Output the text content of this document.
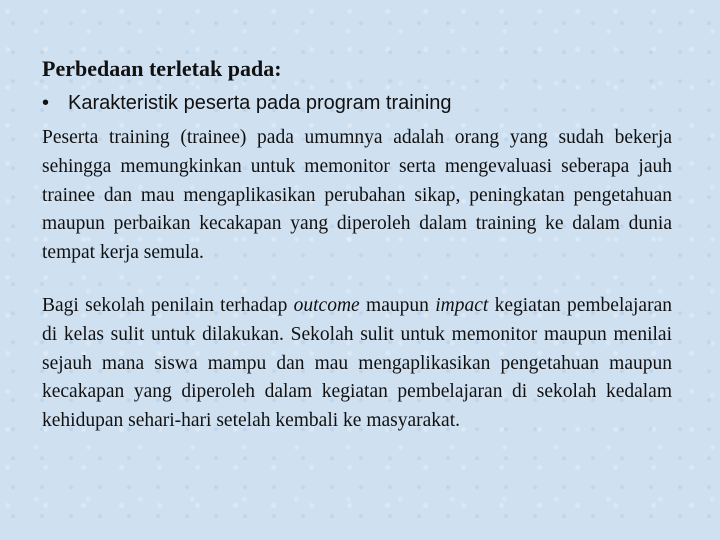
Perbedaan terletak pada:

• Karakteristik peserta pada program training

Peserta training (trainee) pada umumnya adalah orang yang sudah bekerja sehingga memungkinkan untuk memonitor serta mengevaluasi seberapa jauh trainee dan mau mengaplikasikan perubahan sikap, peningkatan pengetahuan maupun perbaikan kecakapan yang diperoleh dalam training ke dalam dunia tempat kerja semula.

Bagi sekolah penilain terhadap outcome maupun impact kegiatan pembelajaran di kelas sulit untuk dilakukan. Sekolah sulit untuk memonitor maupun menilai sejauh mana siswa mampu dan mau mengaplikasikan pengetahuan maupun kecakapan yang diperoleh dalam kegiatan pembelajaran di sekolah kedalam kehidupan sehari-hari setelah kembali ke masyarakat.
